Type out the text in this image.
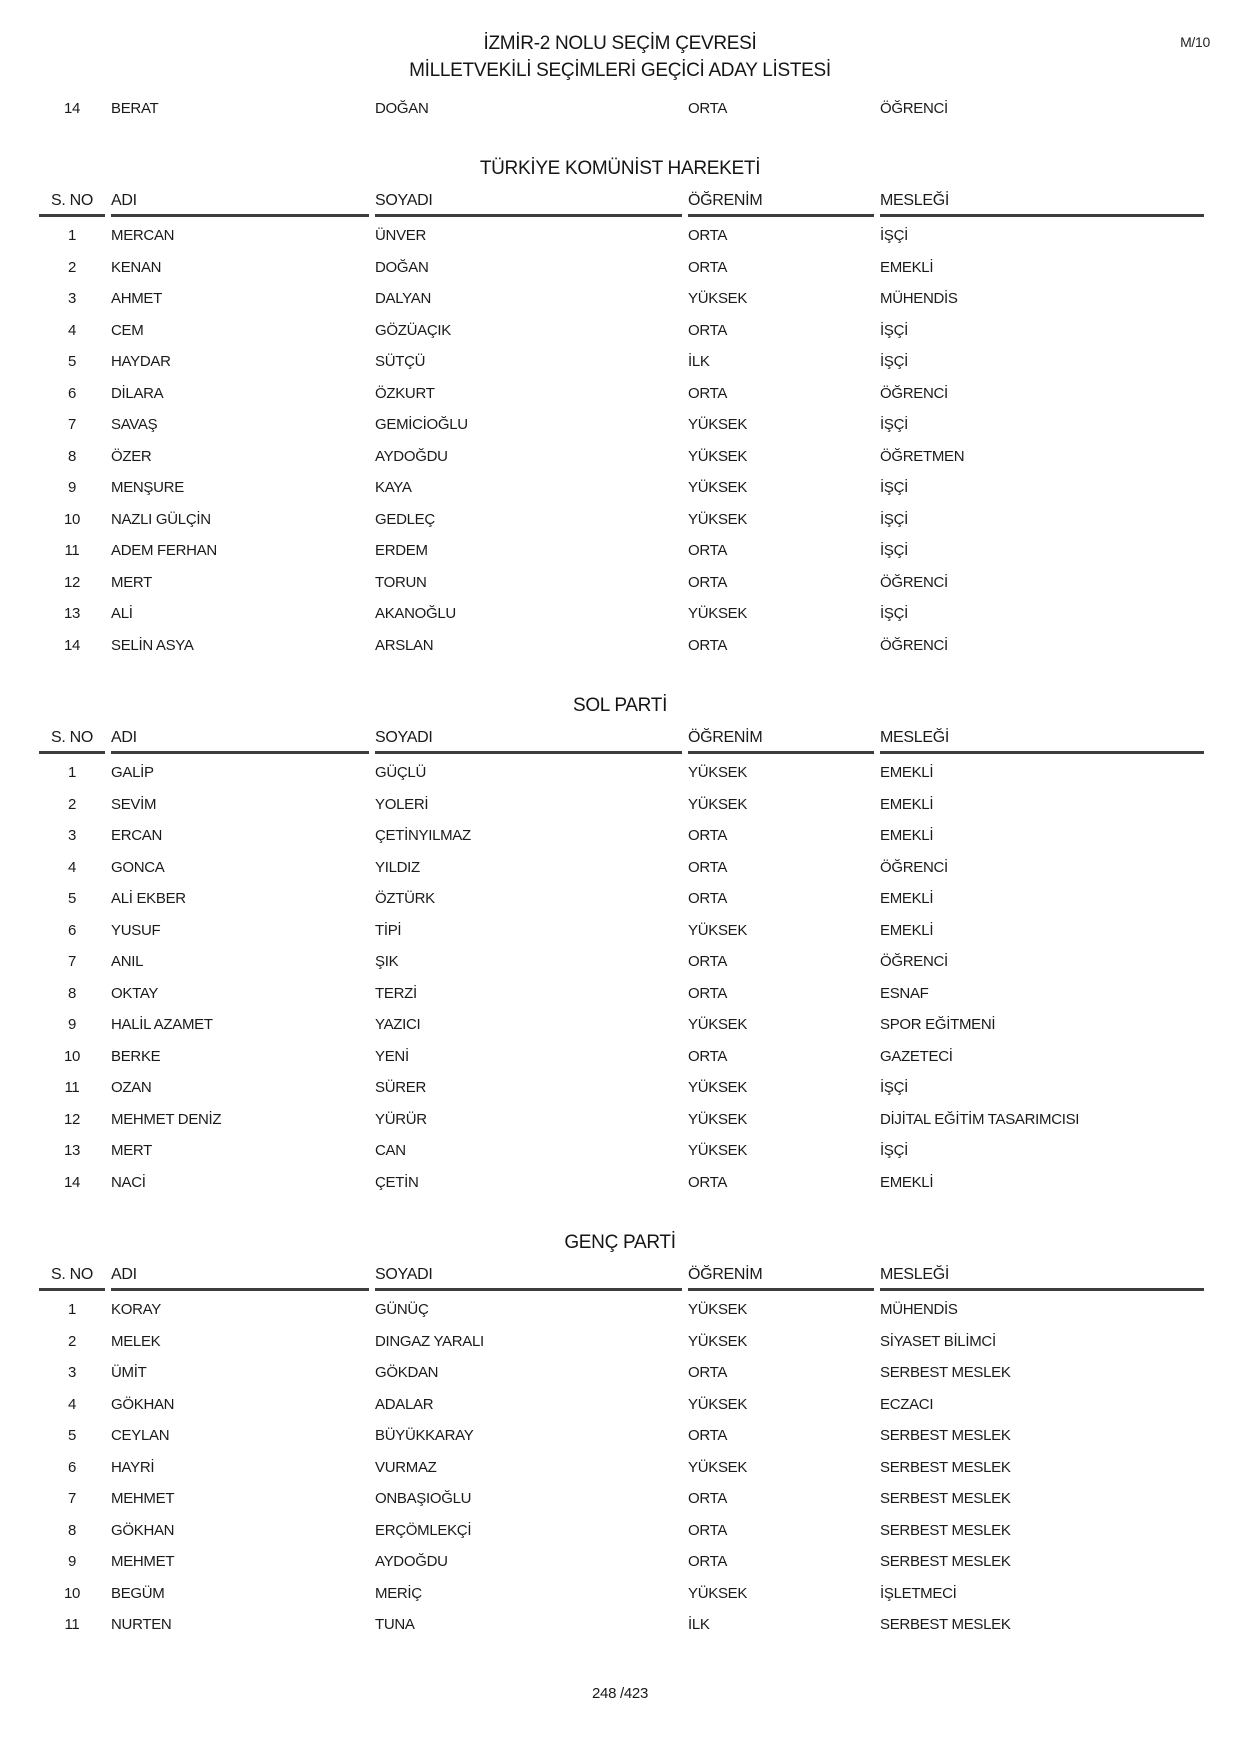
M/10
İZMİR-2 NOLU SEÇİM ÇEVRESİ
MİLLETVEKİLİ SEÇİMLERİ GEÇİCİ ADAY LİSTESİ
14	BERAT	DOĞAN	ORTA	ÖĞRENCİ
TÜRKİYE KOMÜNİST HAREKETİ
S. NO	ADI	SOYADI	ÖĞRENİM	MESLEĞİ
1	MERCAN	ÜNVER	ORTA	İŞÇİ
2	KENAN	DOĞAN	ORTA	EMEKLİ
3	AHMET	DALYAN	YÜKSEK	MÜHENDİS
4	CEM	GÖZÜAÇIK	ORTA	İŞÇİ
5	HAYDAR	SÜTÇÜ	İLK	İŞÇİ
6	DİLARA	ÖZKURT	ORTA	ÖĞRENCİ
7	SAVAŞ	GEMİCİOĞLU	YÜKSEK	İŞÇİ
8	ÖZER	AYDOĞDU	YÜKSEK	ÖĞRETMEN
9	MENŞURE	KAYA	YÜKSEK	İŞÇİ
10	NAZLI GÜLÇİN	GEDLEÇ	YÜKSEK	İŞÇİ
11	ADEM FERHAN	ERDEM	ORTA	İŞÇİ
12	MERT	TORUN	ORTA	ÖĞRENCİ
13	ALİ	AKANOĞLU	YÜKSEK	İŞÇİ
14	SELİN ASYA	ARSLAN	ORTA	ÖĞRENCİ
SOL PARTİ
S. NO	ADI	SOYADI	ÖĞRENİM	MESLEĞİ
1	GALİP	GÜÇLÜ	YÜKSEK	EMEKLİ
2	SEVİM	YOLERİ	YÜKSEK	EMEKLİ
3	ERCAN	ÇETİNYILMAZ	ORTA	EMEKLİ
4	GONCA	YILDIZ	ORTA	ÖĞRENCİ
5	ALİ EKBER	ÖZTÜRK	ORTA	EMEKLİ
6	YUSUF	TİPİ	YÜKSEK	EMEKLİ
7	ANIL	ŞIK	ORTA	ÖĞRENCİ
8	OKTAY	TERZİ	ORTA	ESNAF
9	HALİL AZAMET	YAZICI	YÜKSEK	SPOR EĞİTMENİ
10	BERKE	YENİ	ORTA	GAZETECİ
11	OZAN	SÜRER	YÜKSEK	İŞÇİ
12	MEHMET DENİZ	YÜRÜR	YÜKSEK	DİJİTAL EĞİTİM TASARIMCISI
13	MERT	CAN	YÜKSEK	İŞÇİ
14	NACİ	ÇETİN	ORTA	EMEKLİ
GENÇ PARTİ
S. NO	ADI	SOYADI	ÖĞRENİM	MESLEĞİ
1	KORAY	GÜNÜÇ	YÜKSEK	MÜHENDİS
2	MELEK	DINGAZ YARALI	YÜKSEK	SİYASET BİLİMCİ
3	ÜMİT	GÖKDAN	ORTA	SERBEST MESLEK
4	GÖKHAN	ADALAR	YÜKSEK	ECZACI
5	CEYLAN	BÜYÜKKARAY	ORTA	SERBEST MESLEK
6	HAYRİ	VURMAZ	YÜKSEK	SERBEST MESLEK
7	MEHMET	ONBAŞIOĞLU	ORTA	SERBEST MESLEK
8	GÖKHAN	ERÇÖMLEKÇİ	ORTA	SERBEST MESLEK
9	MEHMET	AYDOĞDU	ORTA	SERBEST MESLEK
10	BEGÜM	MERİÇ	YÜKSEK	İŞLETMECİ
11	NURTEN	TUNA	İLK	SERBEST MESLEK
248 /423
